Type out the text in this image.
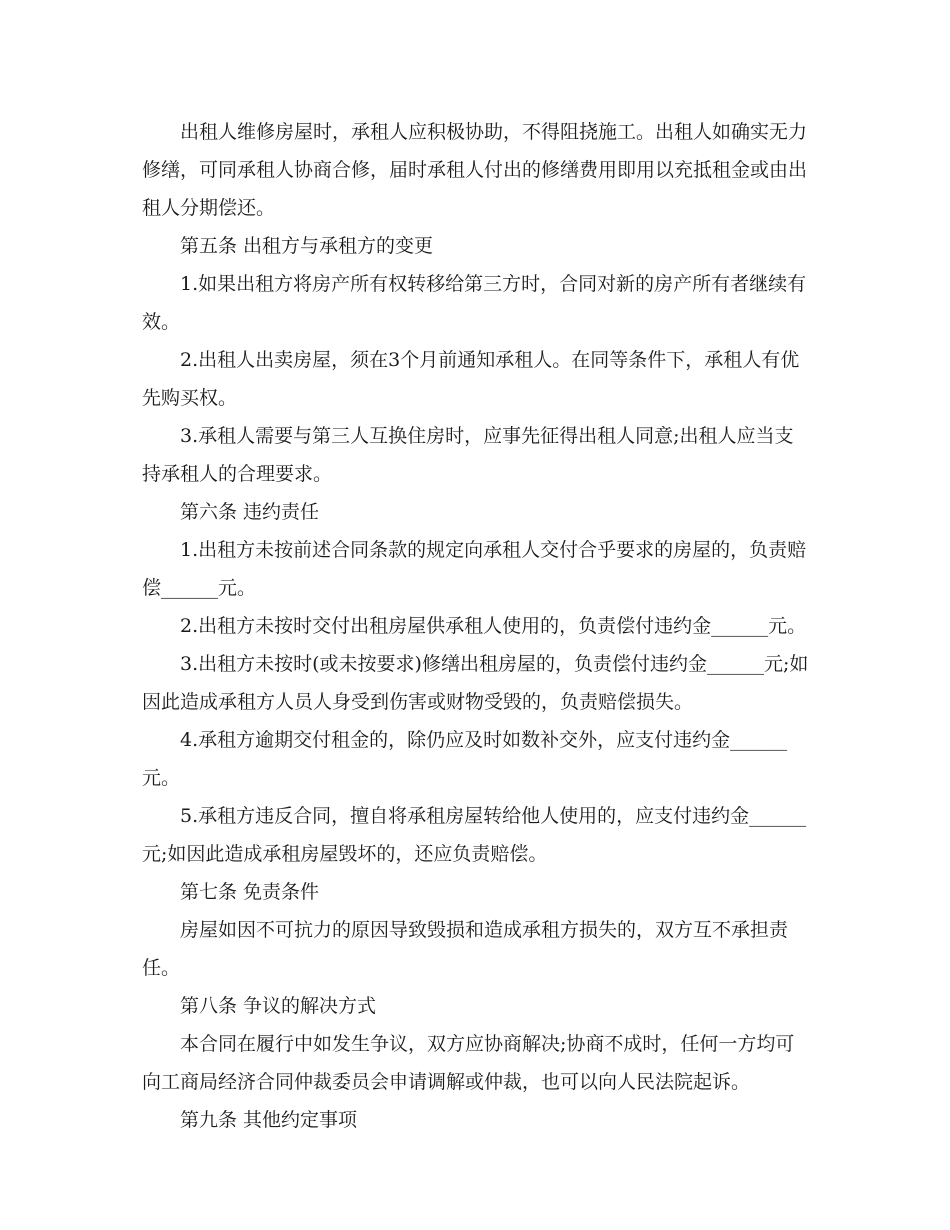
出租人维修房屋时，承租人应积极协助，不得阻挠施工。出租人如确实无力修缮，可同承租人协商合修，届时承租人付出的修缮费用即用以充抵租金或由出租人分期偿还。

第五条 出租方与承租方的变更

1.如果出租方将房产所有权转移给第三方时，合同对新的房产所有者继续有效。

2.出租人出卖房屋，须在3个月前通知承租人。在同等条件下，承租人有优先购买权。

3.承租人需要与第三人互换住房时，应事先征得出租人同意;出租人应当支持承租人的合理要求。

第六条 违约责任

1.出租方未按前述合同条款的规定向承租人交付合乎要求的房屋的，负责赔偿______元。

2.出租方未按时交付出租房屋供承租人使用的，负责偿付违约金______元。

3.出租方未按时(或未按要求)修缮出租房屋的，负责偿付违约金______元;如因此造成承租方人员人身受到伤害或财物受毁的，负责赔偿损失。

4.承租方逾期交付租金的，除仍应及时如数补交外，应支付违约金______元。

5.承租方违反合同，擅自将承租房屋转给他人使用的，应支付违约金______元;如因此造成承租房屋毁坏的，还应负责赔偿。

第七条 免责条件

房屋如因不可抗力的原因导致毁损和造成承租方损失的，双方互不承担责任。

第八条 争议的解决方式

本合同在履行中如发生争议，双方应协商解决;协商不成时，任何一方均可向工商局经济合同仲裁委员会申请调解或仲裁，也可以向人民法院起诉。

第九条 其他约定事项
